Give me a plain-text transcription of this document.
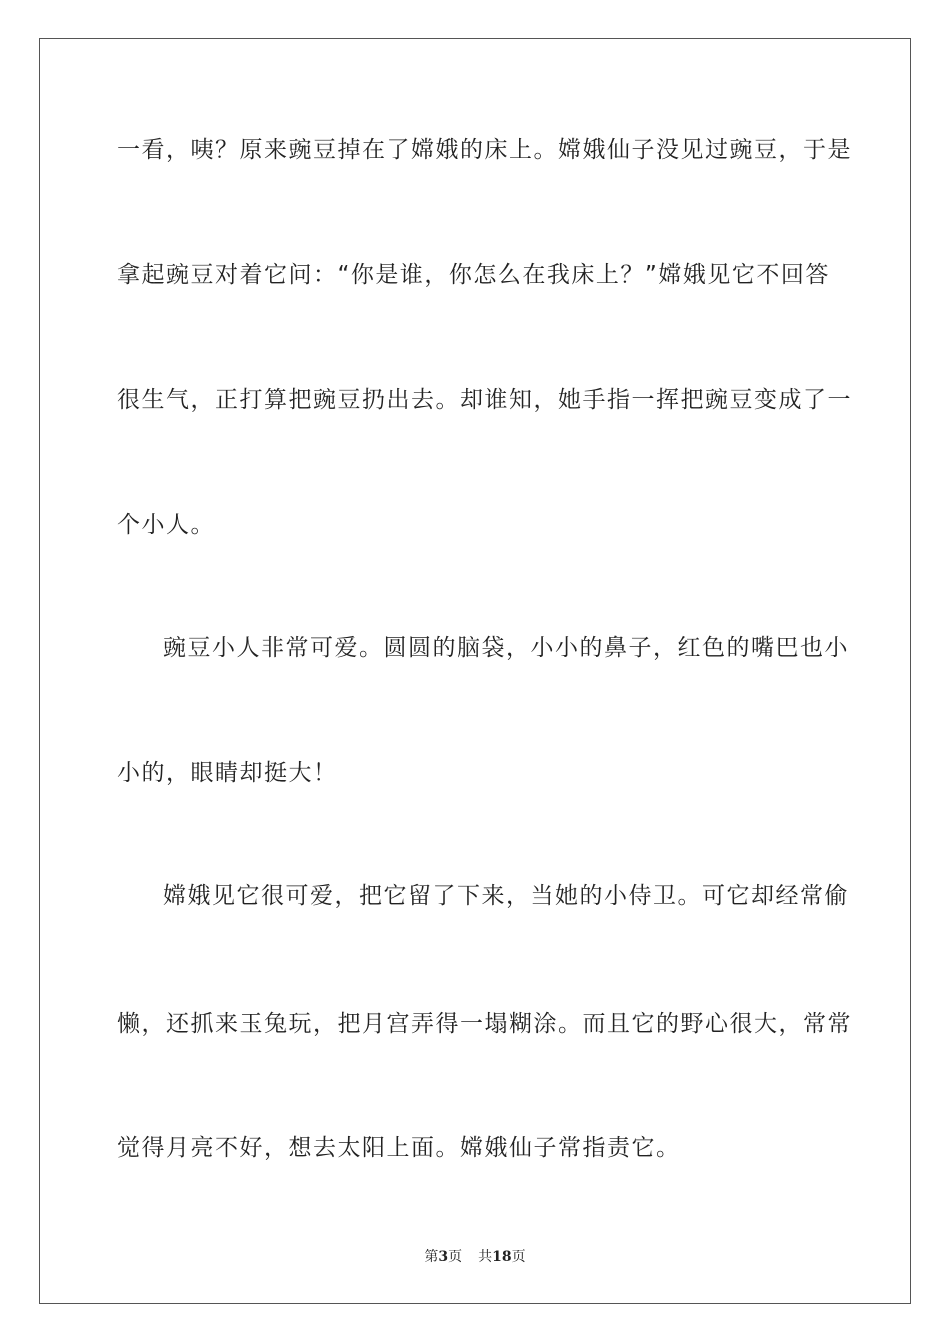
一看，咦？原来豌豆掉在了嫦娥的床上。嫦娥仙子没见过豌豆，于是
拿起豌豆对着它问：“你是谁，你怎么在我床上？”嫦娥见它不回答
很生气，正打算把豌豆扔出去。却谁知，她手指一挥把豌豆变成了一
个小人。
豌豆小人非常可爱。圆圆的脑袋，小小的鼻子，红色的嘴巴也小
小的，眼睛却挺大！
嫦娥见它很可爱，把它留了下来，当她的小侍卫。可它却经常偷
懒，还抓来玉兔玩，把月宫弄得一塌糊涂。而且它的野心很大，常常
觉得月亮不好，想去太阳上面。嫦娥仙子常指责它。
第3页 共18页
